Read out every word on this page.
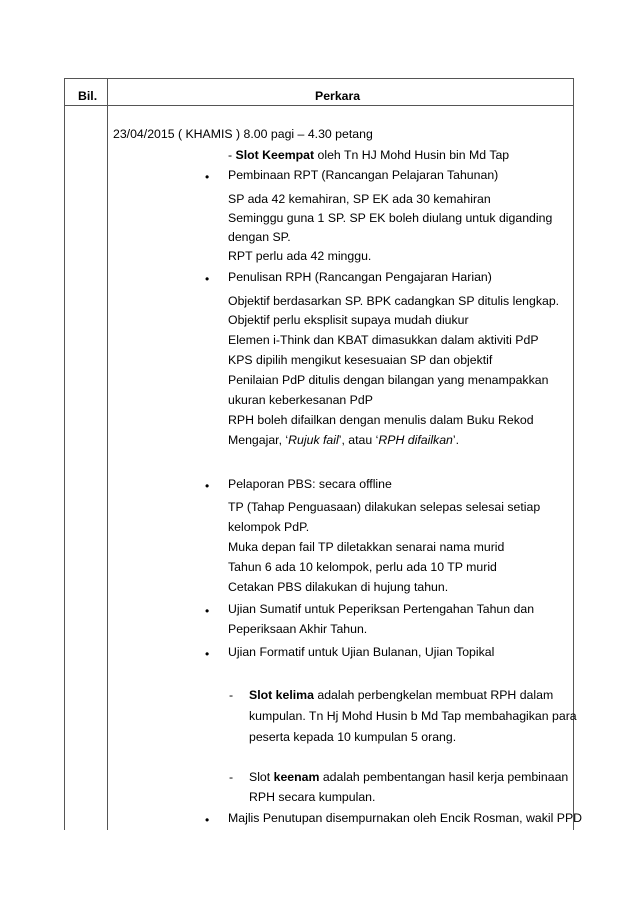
Bil.	Perkara
23/04/2015 ( KHAMIS ) 8.00 pagi – 4.30 petang
- Slot Keempat oleh Tn HJ Mohd Husin bin Md Tap
• Pembinaan RPT (Rancangan Pelajaran Tahunan)
SP ada 42 kemahiran, SP EK ada 30 kemahiran
Seminggu guna 1 SP. SP EK boleh diulang untuk diganding
dengan SP.
RPT perlu ada 42 minggu.
• Penulisan RPH (Rancangan Pengajaran Harian)
Objektif berdasarkan SP. BPK cadangkan SP ditulis lengkap.
Objektif perlu eksplisit supaya mudah diukur
Elemen i-Think dan KBAT dimasukkan dalam aktiviti PdP
KPS dipilih mengikut kesesuaian SP dan objektif
Penilaian PdP ditulis dengan bilangan yang menampakkan
ukuran keberkesanan PdP
RPH boleh difailkan dengan menulis dalam Buku Rekod
Mengajar, ‘Rujuk fail’, atau ‘RPH difailkan’.
• Pelaporan PBS: secara offline
TP (Tahap Penguasaan) dilakukan selepas selesai setiap
kelompok PdP.
Muka depan fail TP diletakkan senarai nama murid
Tahun 6 ada 10 kelompok, perlu ada 10 TP murid
Cetakan PBS dilakukan di hujung tahun.
• Ujian Sumatif untuk Peperiksan Pertengahan Tahun dan
Peperiksaan Akhir Tahun.
• Ujian Formatif untuk Ujian Bulanan, Ujian Topikal
- Slot kelima adalah perbengkelan membuat RPH dalam
kumpulan. Tn Hj Mohd Husin b Md Tap membahagikan para
peserta kepada 10 kumpulan 5 orang.
- Slot keenam adalah pembentangan hasil kerja pembinaan
RPH secara kumpulan.
• Majlis Penutupan disempurnakan oleh Encik Rosman, wakil PPD
